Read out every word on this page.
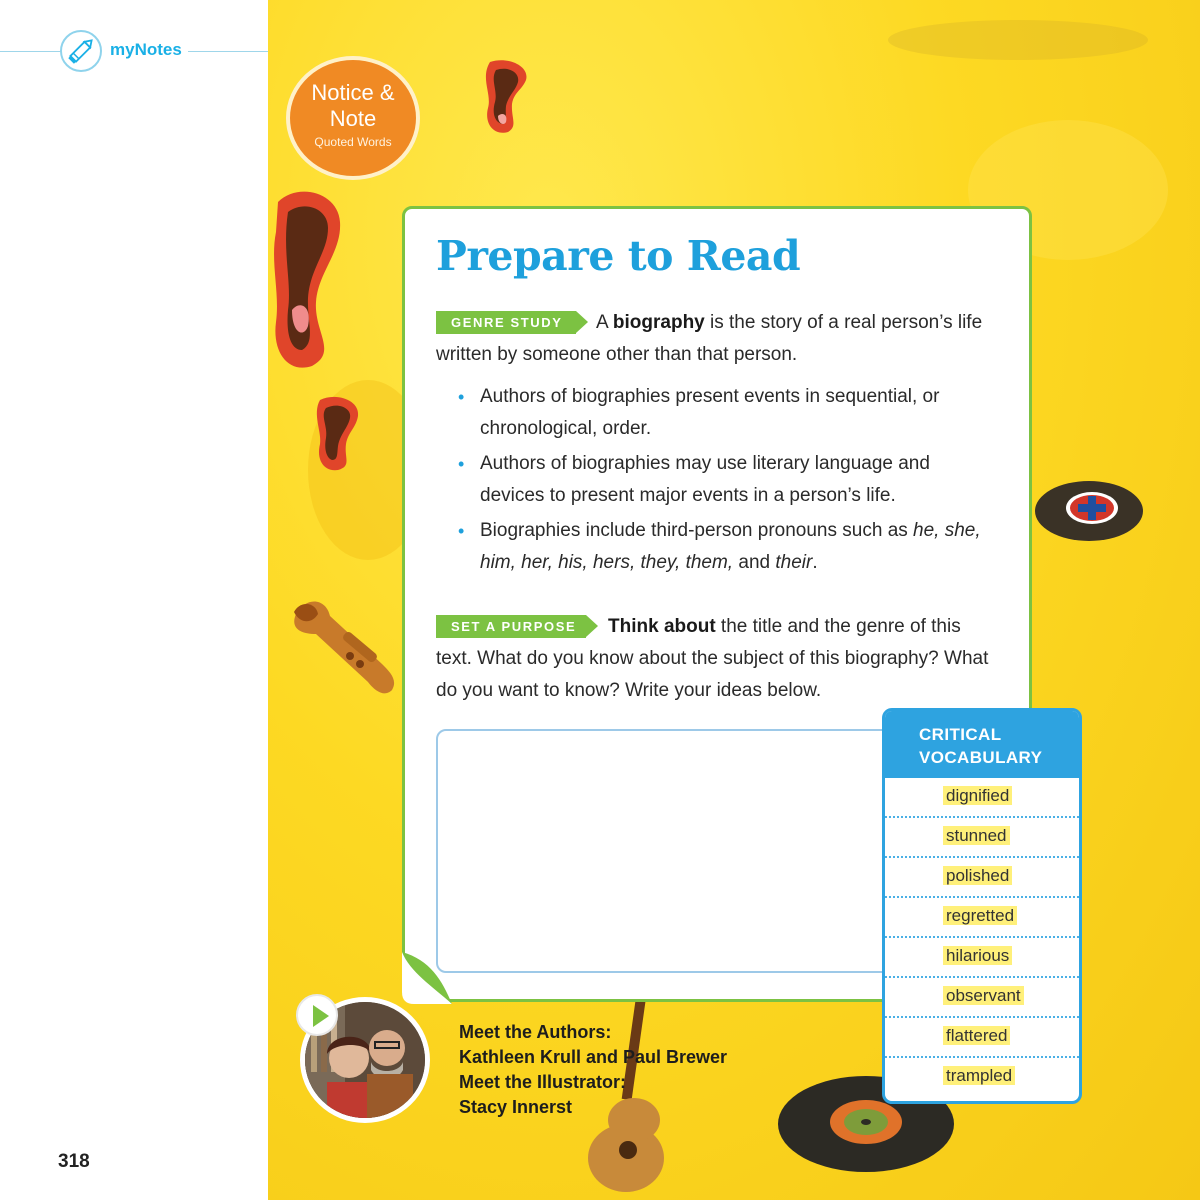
myNotes
318
Notice &
Note
Quoted Words
Prepare to Read
GENRE STUDY	A biography is the story of a real person’s life written by someone other than that person.
• Authors of biographies present events in sequential, or chronological, order.
• Authors of biographies may use literary language and devices to present major events in a person’s life.
• Biographies include third-person pronouns such as he, she, him, her, his, hers, they, them, and their.
SET A PURPOSE	Think about the title and the genre of this text. What do you know about the subject of this biography? What do you want to know? Write your ideas below.
CRITICAL
VOCABULARY
dignified
stunned
polished
regretted
hilarious
observant
flattered
trampled
Meet the Authors:
Kathleen Krull and Paul Brewer
Meet the Illustrator:
Stacy Innerst
